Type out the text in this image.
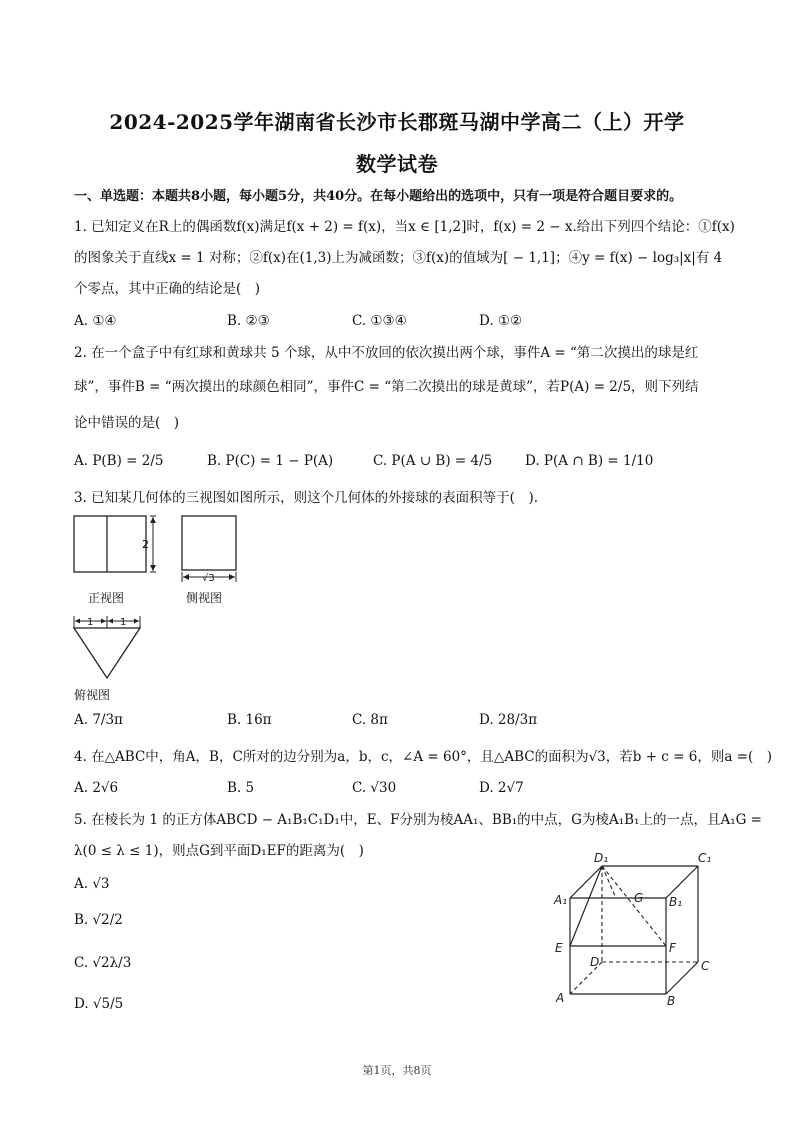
2024-2025学年湖南省长沙市长郡斑马湖中学高二（上）开学
数学试卷
一、单选题：本题共8小题，每小题5分，共40分。在每小题给出的选项中，只有一项是符合题目要求的。
1. 已知定义在R上的偶函数f(x)满足f(x + 2) = f(x)，当x ∈ [1,2]时，f(x) = 2 − x.给出下列四个结论：①f(x)
的图象关于直线x = 1 对称；②f(x)在(1,3)上为减函数；③f(x)的值域为[ − 1,1]；④y = f(x) − log₃|x|有 4
个零点，其中正确的结论是(　)
A. ①④	B. ②③	C. ①③④	D. ①②
2. 在一个盒子中有红球和黄球共 5 个球，从中不放回的依次摸出两个球，事件A = “第二次摸出的球是红
球”，事件B = “两次摸出的球颜色相同”，事件C = “第二次摸出的球是黄球”，若P(A) = 2/5，则下列结
论中错误的是(　)
A. P(B) = 2/5	B. P(C) = 1 − P(A)	C. P(A ∪ B) = 4/5 D. P(A ∩ B) = 1/10
3. 已知某几何体的三视图如图所示，则这个几何体的外接球的表面积等于(　).
2
√3
1	1
正视图	侧视图
俯视图
A. 7/3π	B. 16π	C. 8π	D. 28/3π
4. 在△ABC中，角A，B，C所对的边分别为a，b，c，∠A = 60°，且△ABC的面积为√3，若b + c = 6，则a =(　)
A. 2√6	B. 5	C. √30	D. 2√7
5. 在棱长为 1 的正方体ABCD − A₁B₁C₁D₁中，E、F分别为棱AA₁、BB₁的中点，G为棱A₁B₁上的一点，且A₁G =
λ(0 ≤ λ ≤ 1)，则点G到平面D₁EF的距离为(　)
A. √3
B. √2/2
C. √2λ/3
D. √5/5
D₁	C₁
A₁	B₁
G
E	F
D	C
A	B
第1页，共8页
